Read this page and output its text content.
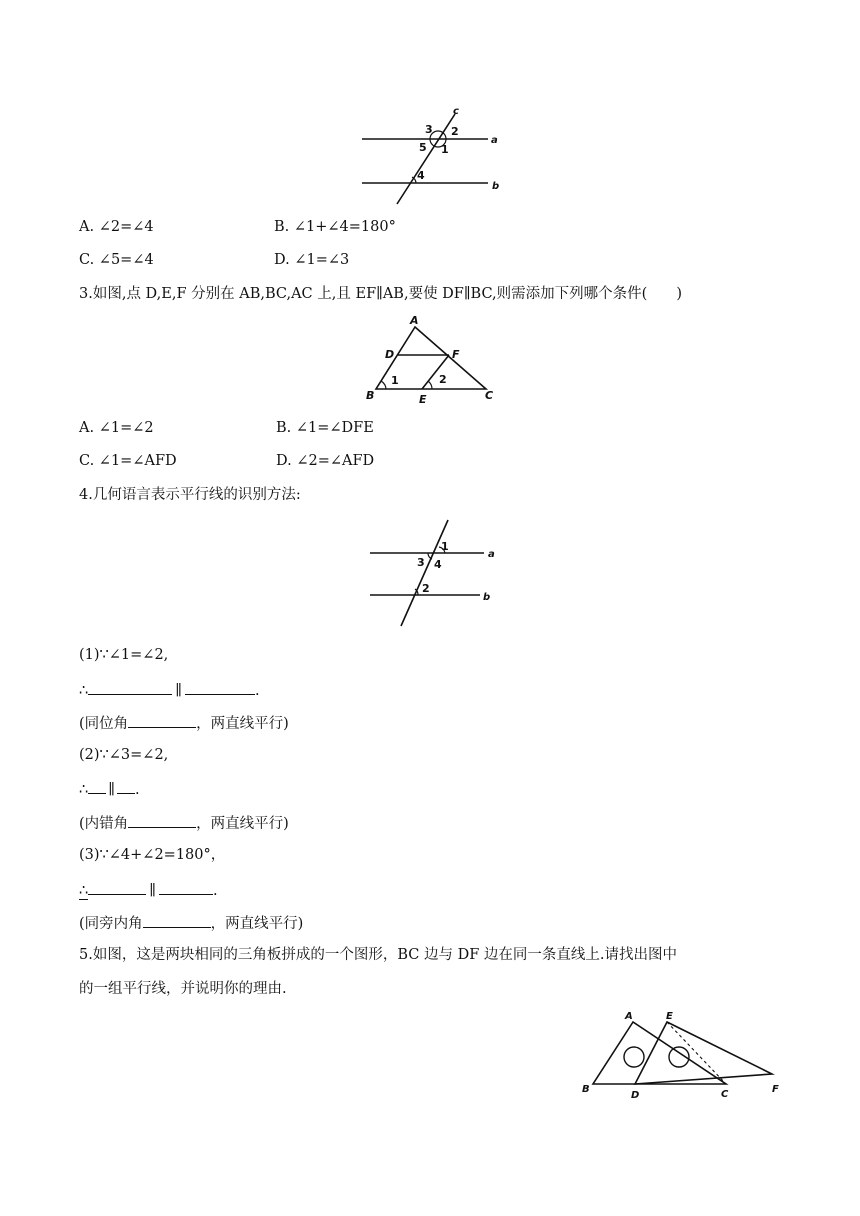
3 2
5 1
4
c
a
b
A. ∠2=∠4	B. ∠1+∠4=180°
C. ∠5=∠4	D. ∠1=∠3
3.如图,点 D,E,F 分别在 AB,BC,AC 上,且 EF∥AB,要使 DF∥BC,则需添加下列哪个条件(　　)
A
D	F
B
1	2
E	C
A. ∠1=∠2	B. ∠1=∠DFE
C. ∠1=∠AFD	D. ∠2=∠AFD
4.几何语言表示平行线的识别方法:
1
3 4
a
2
b
(1)∵∠1=∠2,
∴	∥	.
(同位角	，两直线平行)
(2)∵∠3=∠2,
∴ ∥ .
(内错角	，两直线平行)
(3)∵∠4+∠2=180°，
∴	∥	.
(同旁内角	，两直线平行)
5.如图，这是两块相同的三角板拼成的一个图形，BC 边与 DF 边在同一条直线上.请找出图中
的一组平行线，并说明你的理由.
A	E
B
D	C	F
